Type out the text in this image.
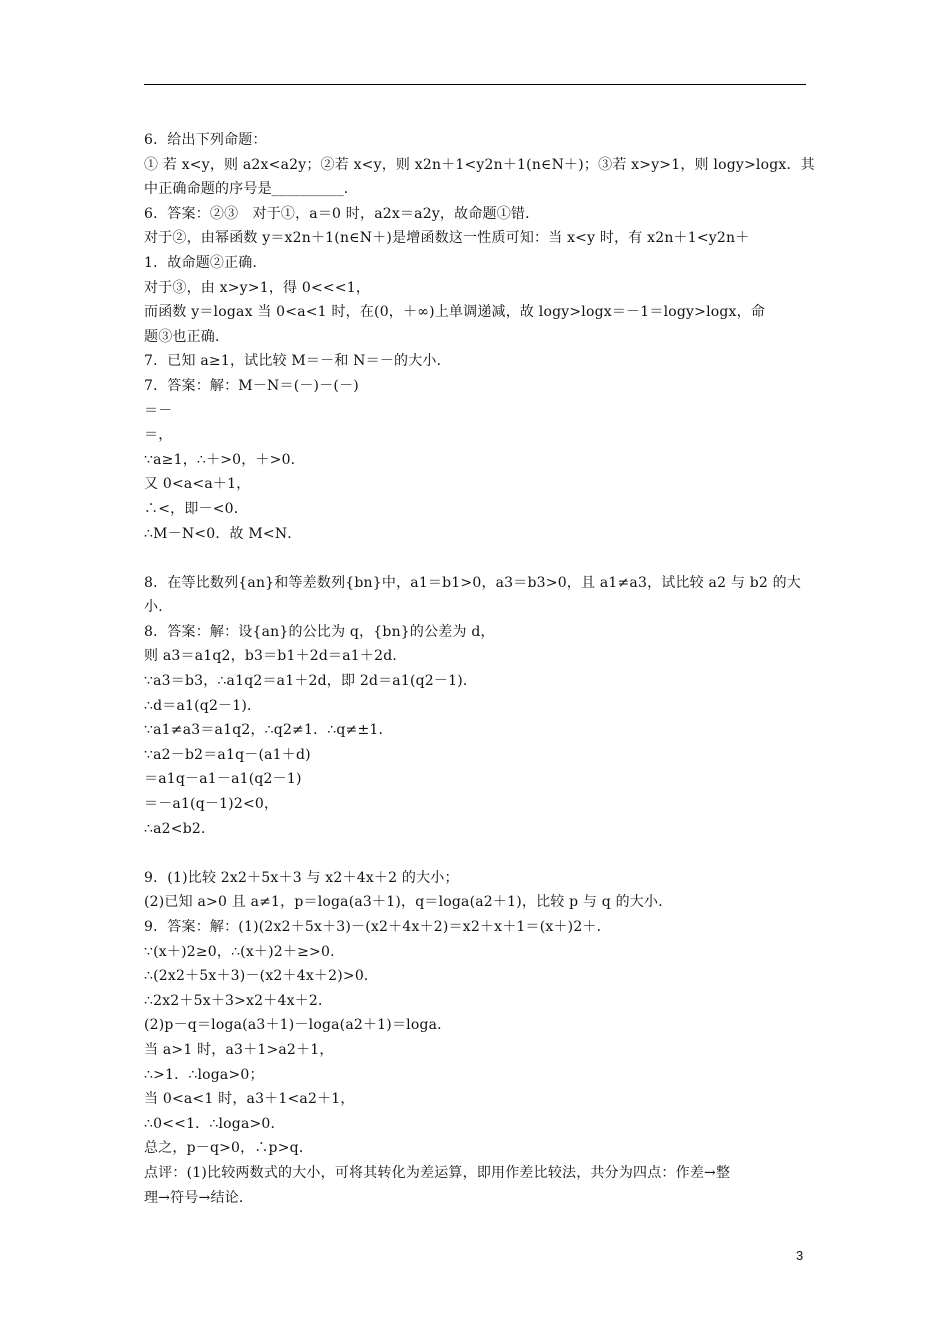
6．给出下列命题：
① 若 x<y，则 a2x<a2y；②若 x<y，则 x2n＋1<y2n＋1(n∈N＋)；③若 x>y>1，则 logy>logx．其
中正确命题的序号是__________．
6．答案：②③　对于①，a＝0 时，a2x＝a2y，故命题①错．
对于②，由幂函数 y＝x2n＋1(n∈N＋)是增函数这一性质可知：当 x<y 时，有 x2n＋1<y2n＋
1．故命题②正确．
对于③，由 x>y>1，得 0<<<1，
而函数 y＝logax 当 0<a<1 时，在(0，＋∞)上单调递减，故 logy>logx＝－1＝logy>logx，命
题③也正确．
7．已知 a≥1，试比较 M＝－和 N＝－的大小．
7．答案：解：M－N＝(－)－(－)
＝－
＝，
∵a≥1，∴＋>0，＋>0．
又 0<a<a＋1，
∴<，即－<0．
∴M－N<0．故 M<N．
8．在等比数列{an}和等差数列{bn}中，a1＝b1>0，a3＝b3>0，且 a1≠a3，试比较 a2 与 b2 的大
小．
8．答案：解：设{an}的公比为 q，{bn}的公差为 d，
则 a3＝a1q2，b3＝b1＋2d＝a1＋2d．
∵a3＝b3，∴a1q2＝a1＋2d，即 2d＝a1(q2－1)．
∴d＝a1(q2－1)．
∵a1≠a3＝a1q2，∴q2≠1．∴q≠±1．
∵a2－b2＝a1q－(a1＋d)
＝a1q－a1－a1(q2－1)
＝－a1(q－1)2<0，
∴a2<b2．
9．(1)比较 2x2＋5x＋3 与 x2＋4x＋2 的大小；
(2)已知 a>0 且 a≠1，p＝loga(a3＋1)，q＝loga(a2＋1)，比较 p 与 q 的大小．
9．答案：解：(1)(2x2＋5x＋3)－(x2＋4x＋2)＝x2＋x＋1＝(x＋)2＋．
∵(x＋)2≥0，∴(x＋)2＋≥>0．
∴(2x2＋5x＋3)－(x2＋4x＋2)>0．
∴2x2＋5x＋3>x2＋4x＋2．
(2)p－q＝loga(a3＋1)－loga(a2＋1)＝loga．
当 a>1 时，a3＋1>a2＋1，
∴>1．∴loga>0；
当 0<a<1 时，a3＋1<a2＋1，
∴0<<1．∴loga>0．
总之，p－q>0，∴p>q．
点评：(1)比较两数式的大小，可将其转化为差运算，即用作差比较法，共分为四点：作差→整
理→符号→结论．
3
